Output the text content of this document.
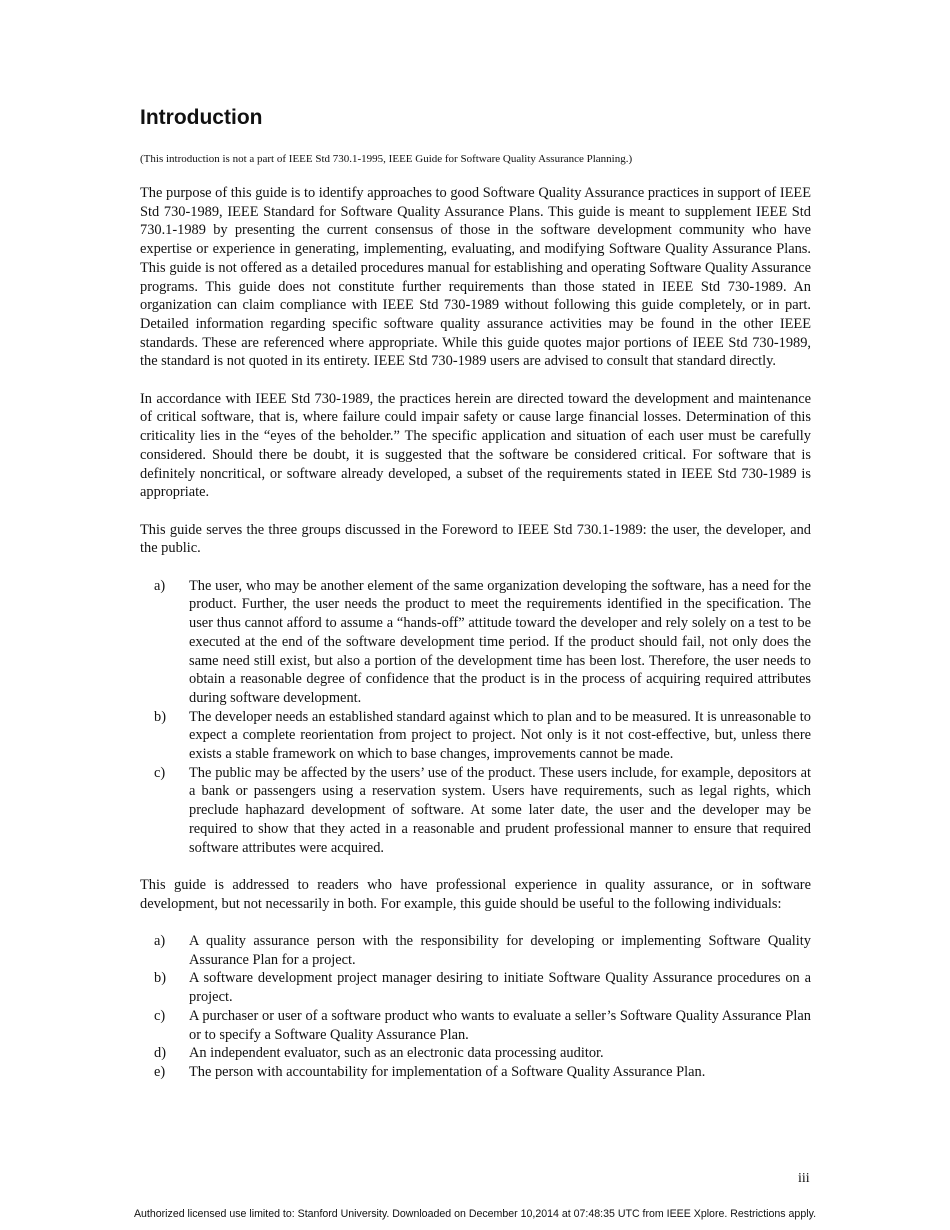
Introduction

(This introduction is not a part of IEEE Std 730.1-1995, IEEE Guide for Software Quality Assurance Planning.)

The purpose of this guide is to identify approaches to good Software Quality Assurance practices in support of IEEE Std 730-1989, IEEE Standard for Software Quality Assurance Plans. This guide is meant to supplement IEEE Std 730.1-1989 by presenting the current consensus of those in the software development community who have expertise or experience in generating, implementing, evaluating, and modifying Software Quality Assurance Plans. This guide is not offered as a detailed procedures manual for establishing and operating Software Quality Assurance programs. This guide does not constitute further requirements than those stated in IEEE Std 730-1989. An organization can claim compliance with IEEE Std 730-1989 without following this guide completely, or in part. Detailed information regarding specific software quality assurance activities may be found in the other IEEE standards. These are referenced where appropriate. While this guide quotes major portions of IEEE Std 730-1989, the standard is not quoted in its entirety. IEEE Std 730-1989 users are advised to consult that standard directly.

In accordance with IEEE Std 730-1989, the practices herein are directed toward the development and maintenance of critical software, that is, where failure could impair safety or cause large financial losses. Determination of this criticality lies in the “eyes of the beholder.” The specific application and situation of each user must be carefully considered. Should there be doubt, it is suggested that the software be considered critical. For software that is definitely noncritical, or software already developed, a subset of the requirements stated in IEEE Std 730-1989 is appropriate.

This guide serves the three groups discussed in the Foreword to IEEE Std 730.1-1989: the user, the developer, and the public.

a) The user, who may be another element of the same organization developing the software, has a need for the product. Further, the user needs the product to meet the requirements identified in the specification. The user thus cannot afford to assume a “hands-off” attitude toward the developer and rely solely on a test to be executed at the end of the software development time period. If the product should fail, not only does the same need still exist, but also a portion of the development time has been lost. Therefore, the user needs to obtain a reasonable degree of confidence that the product is in the process of acquiring required attributes during software development.
b) The developer needs an established standard against which to plan and to be measured. It is unreasonable to expect a complete reorientation from project to project. Not only is it not cost-effective, but, unless there exists a stable framework on which to base changes, improvements cannot be made.
c) The public may be affected by the users’ use of the product. These users include, for example, depositors at a bank or passengers using a reservation system. Users have requirements, such as legal rights, which preclude haphazard development of software. At some later date, the user and the developer may be required to show that they acted in a reasonable and prudent professional manner to ensure that required software attributes were acquired.

This guide is addressed to readers who have professional experience in quality assurance, or in software development, but not necessarily in both. For example, this guide should be useful to the following individuals:

a) A quality assurance person with the responsibility for developing or implementing Software Quality Assurance Plan for a project.
b) A software development project manager desiring to initiate Software Quality Assurance procedures on a project.
c) A purchaser or user of a software product who wants to evaluate a seller’s Software Quality Assurance Plan or to specify a Software Quality Assurance Plan.
d) An independent evaluator, such as an electronic data processing auditor.
e) The person with accountability for implementation of a Software Quality Assurance Plan.
iii
Authorized licensed use limited to: Stanford University. Downloaded on December 10,2014 at 07:48:35 UTC from IEEE Xplore. Restrictions apply.
